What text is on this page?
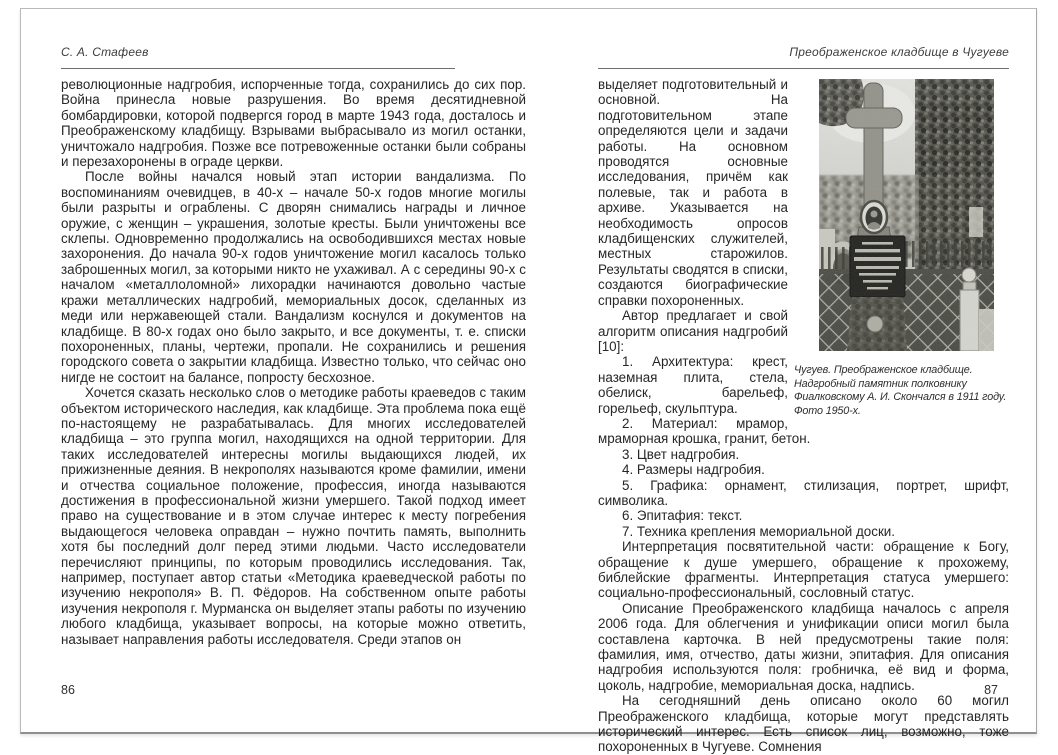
С. А. Стафеев

революционные надгробия, испорченные тогда, сохранились до сих пор. Война принесла новые разрушения. Во время десятидневной бомбардировки, которой подвергся город в марте 1943 года, досталось и Преображенскому кладбищу. Взрывами выбрасывало из могил останки, уничтожало надгробия. Позже все потревоженные останки были собраны и перезахоронены в ограде церкви.

После войны начался новый этап истории вандализма. По воспоминаниям очевидцев, в 40-х – начале 50-х годов многие могилы были разрыты и ограблены. С дворян снимались награды и личное оружие, с женщин – украшения, золотые кресты. Были уничтожены все склепы. Одновременно продолжались на освободившихся местах новые захоронения. До начала 90-х годов уничтожение могил касалось только заброшенных могил, за которыми никто не ухаживал. А с середины 90-х с началом «металлоломной» лихорадки начинаются довольно частые кражи металлических надгробий, мемориальных досок, сделанных из меди или нержавеющей стали. Вандализм коснулся и документов на кладбище. В 80-х годах оно было закрыто, и все документы, т. е. списки похороненных, планы, чертежи, пропали. Не сохранились и решения городского совета о закрытии кладбища. Известно только, что сейчас оно нигде не состоит на балансе, попросту бесхозное.

Хочется сказать несколько слов о методике работы краеведов с таким объектом исторического наследия, как кладбище. Эта проблема пока ещё по-настоящему не разрабатывалась. Для многих исследователей кладбища – это группа могил, находящихся на одной территории. Для таких исследователей интересны могилы выдающихся людей, их прижизненные деяния. В некрополях называются кроме фамилии, имени и отчества социальное положение, профессия, иногда называются достижения в профессиональной жизни умершего. Такой подход имеет право на существование и в этом случае интерес к месту погребения выдающегося человека оправдан – нужно почтить память, выполнить хотя бы последний долг перед этими людьми. Часто исследователи перечисляют принципы, по которым проводились исследования. Так, например, поступает автор статьи «Методика краеведческой работы по изучению некрополя» В. П. Фёдоров. На собственном опыте работы изучения некрополя г. Мурманска он выделяет этапы работы по изучению любого кладбища, указывает вопросы, на которые можно ответить, называет направления работы исследователя. Среди этапов он

Преображенское кладбище в Чугуеве
Чугуев. Преображенское кладбище.
Надгробный памятник полковнику
Фиалковскому А. И. Скончался в 1911 году.
Фото 1950-х.

выделяет подготовительный и основной. На подготовительном этапе определяются цели и задачи работы. На основном проводятся основные исследования, причём как полевые, так и работа в архиве. Указывается на необходимость опросов кладбищенских служителей, местных старожилов. Результаты сводятся в списки, создаются биографические справки похороненных.

Автор предлагает и свой алгоритм описания надгробий [10]:

1. Архитектура: крест, наземная плита, стела, обелиск, барельеф, горельеф, скульптура.

2. Материал: мрамор, мраморная крошка, гранит, бетон.

3. Цвет надгробия.

4. Размеры надгробия.

5. Графика: орнамент, стилизация, портрет, шрифт, символика.

6. Эпитафия: текст.

7. Техника крепления мемориальной доски.

Интерпретация посвятительной части: обращение к Богу, обращение к душе умершего, обращение к прохожему, библейские фрагменты. Интерпретация статуса умершего: социально-профессиональный, сословный статус.

Описание Преображенского кладбища началось с апреля 2006 года. Для облегчения и унификации описи могил была составлена карточка. В ней предусмотрены такие поля: фамилия, имя, отчество, даты жизни, эпитафия. Для описания надгробия используются поля: гробничка, её вид и форма, цоколь, надгробие, мемориальная доска, надпись.

На сегодняшний день описано около 60 могил Преображенского кладбища, которые могут представлять исторический интерес. Есть список лиц, возможно, тоже похороненных в Чугуеве. Сомнения

86	87
